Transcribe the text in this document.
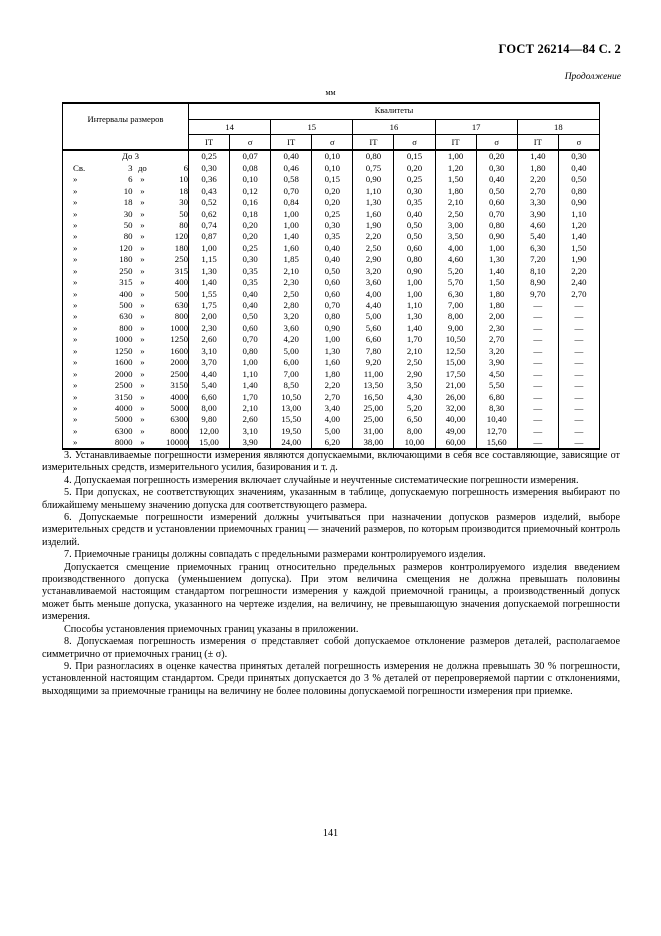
ГОСТ 26214—84 С. 2
Продолжение
мм
Интервалы размеров	Квалитеты									
	14		15		16		17		18	
	IT	σ	IT	σ	IT	σ	IT	σ	IT	σ

До 3	0,25	0,07	0,40	0,10	0,80	0,15	1,00	0,20	1,40	0,30

Св. 3 до 6	0,30	0,08	0,46	0,10	0,75	0,20	1,20	0,30	1,80	0,40

» 6 » 10	0,36	0,10	0,58	0,15	0,90	0,25	1,50	0,40	2,20	0,50

» 10 » 18	0,43	0,12	0,70	0,20	1,10	0,30	1,80	0,50	2,70	0,80

» 18 » 30	0,52	0,16	0,84	0,20	1,30	0,35	2,10	0,60	3,30	0,90

» 30 » 50	0,62	0,18	1,00	0,25	1,60	0,40	2,50	0,70	3,90	1,10

» 50 » 80	0,74	0,20	1,00	0,30	1,90	0,50	3,00	0,80	4,60	1,20

» 80 » 120	0,87	0,20	1,40	0,35	2,20	0,50	3,50	0,90	5,40	1,40

» 120 » 180	1,00	0,25	1,60	0,40	2,50	0,60	4,00	1,00	6,30	1,50

» 180 » 250	1,15	0,30	1,85	0,40	2,90	0,80	4,60	1,30	7,20	1,90

» 250 » 315	1,30	0,35	2,10	0,50	3,20	0,90	5,20	1,40	8,10	2,20

» 315 » 400	1,40	0,35	2,30	0,60	3,60	1,00	5,70	1,50	8,90	2,40

» 400 » 500	1,55	0,40	2,50	0,60	4,00	1,00	6,30	1,80	9,70	2,70

» 500 » 630	1,75	0,40	2,80	0,70	4,40	1,10	7,00	1,80	—	—

» 630 » 800	2,00	0,50	3,20	0,80	5,00	1,30	8,00	2,00	—	—

» 800 » 1000	2,30	0,60	3,60	0,90	5,60	1,40	9,00	2,30	—	—

» 1000 » 1250	2,60	0,70	4,20	1,00	6,60	1,70	10,50	2,70	—	—

» 1250 » 1600	3,10	0,80	5,00	1,30	7,80	2,10	12,50	3,20	—	—

» 1600 » 2000	3,70	1,00	6,00	1,60	9,20	2,50	15,00	3,90	—	—

» 2000 » 2500	4,40	1,10	7,00	1,80	11,00	2,90	17,50	4,50	—	—

» 2500 » 3150	5,40	1,40	8,50	2,20	13,50	3,50	21,00	5,50	—	—

» 3150 » 4000	6,60	1,70	10,50	2,70	16,50	4,30	26,00	6,80	—	—

» 4000 » 5000	8,00	2,10	13,00	3,40	25,00	5,20	32,00	8,30	—	—

» 5000 » 6300	9,80	2,60	15,50	4,00	25,00	6,50	40,00	10,40	—	—

» 6300 » 8000	12,00	3,10	19,50	5,00	31,00	8,00	49,00	12,70	—	—

» 8000 » 10000	15,00	3,90	24,00	6,20	38,00	10,00	60,00	15,60	—	—

3. Устанавливаемые погрешности измерения являются допускаемыми, включающими в себя все составляющие, зависящие от измерительных средств, измерительного усилия, базирования и т. д.

4. Допускаемая погрешность измерения включает случайные и неучтенные систематические погрешности измерения.

5. При допусках, не соответствующих значениям, указанным в таблице, допускаемую погрешность измерения выбирают по ближайшему меньшему значению допуска для соответствующего размера.

6. Допускаемые погрешности измерений должны учитываться при назначении допусков размеров изделий, выборе измерительных средств и установлении приемочных границ — значений размеров, по которым производится приемочный контроль изделий.

7. Приемочные границы должны совпадать с предельными размерами контролируемого изделия.

Допускается смещение приемочных границ относительно предельных размеров контролируемого изделия введением производственного допуска (уменьшением допуска). При этом величина смещения не должна превышать половины устанавливаемой настоящим стандартом погрешности измерения у каждой приемочной границы, а производственный допуск может быть меньше допуска, указанного на чертеже изделия, на величину, не превышающую значения допускаемой погрешности измерения.

Способы установления приемочных границ указаны в приложении.

8. Допускаемая погрешность измерения σ представляет собой допускаемое отклонение размеров деталей, располагаемое симметрично от приемочных границ (± σ).

9. При разногласиях в оценке качества принятых деталей погрешность измерения не должна превышать 30 % погрешности, установленной настоящим стандартом. Среди принятых допускается до 3 % деталей от перепроверяемой партии с отклонениями, выходящими за приемочные границы на величину не более половины допускаемой погрешности измерения при приемке.

141
